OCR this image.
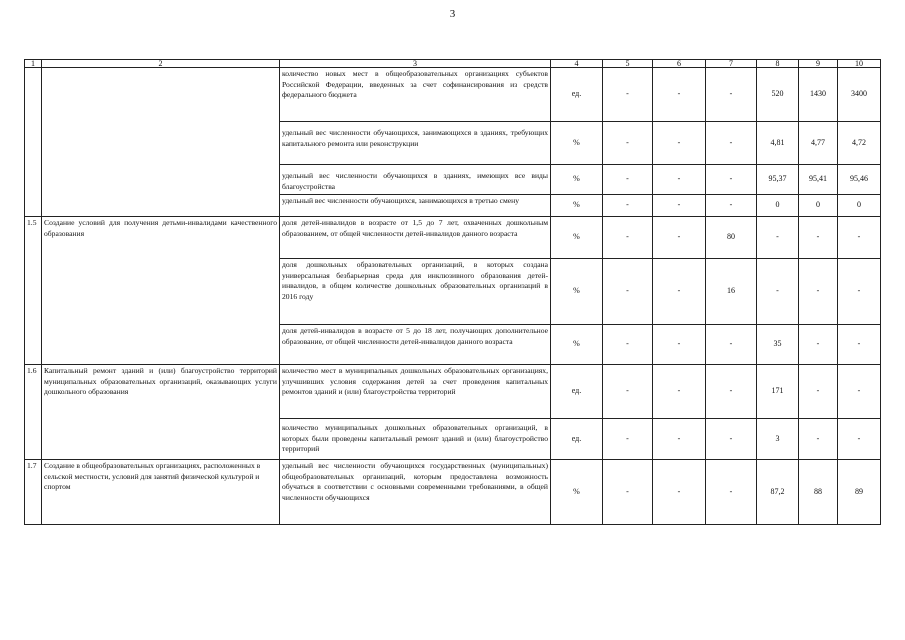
3
1	2	3	4	5	6	7	8	9	10
		количество новых мест в общеобразовательных организациях субъектов Российской Федерации, введенных за счет софинансирования из средств федерального бюджета	ед.	-	-	-	520	1430	3400
		удельный вес численности обучающихся, занимающихся в зданиях, требующих капитального ремонта или реконструкции	%	-	-	-	4,81	4,77	4,72
		удельный вес численности обучающихся в зданиях, имеющих все виды благоустройства	%	-	-	-	95,37	95,41	95,46
		удельный вес численности обучающихся, занимающихся в третью смену	%	-	-	-	0	0	0
1.5	Создание условий для получения детьми-инвалидами качественного образования	доля детей-инвалидов в возрасте от 1,5 до 7 лет, охваченных дошкольным образованием, от общей численности детей-инвалидов данного возраста	%	-	-	80	-	-	-
		доля дошкольных образовательных организаций, в которых создана универсальная безбарьерная среда для инклюзивного образования детей-инвалидов, в общем количестве дошкольных образовательных организаций в 2016 году	%	-	-	16	-	-	-
		доля детей-инвалидов в возрасте от 5 до 18 лет, получающих дополнительное образование, от общей численности детей-инвалидов данного возраста	%	-	-	-	35	-	-
1.6	Капитальный ремонт зданий и (или) благоустройство территорий муниципальных образовательных организаций, оказывающих услуги дошкольного образования	количество мест в муниципальных дошкольных образовательных организациях, улучшивших условия содержания детей за счет проведения капитальных ремонтов зданий и (или) благоустройства территорий	ед.	-	-	-	171	-	-
		количество муниципальных дошкольных образовательных организаций, в которых были проведены капитальный ремонт зданий и (или) благоустройство территорий	ед.	-	-	-	3	-	-
1.7	Создание в общеобразовательных организациях, расположенных в сельской местности, условий для занятий физической культурой и спортом	удельный вес численности обучающихся государственных (муниципальных) общеобразовательных организаций, которым предоставлена возможность обучаться в соответствии с основными современными требованиями, в общей численности обучающихся	%	-	-	-	87,2	88	89
